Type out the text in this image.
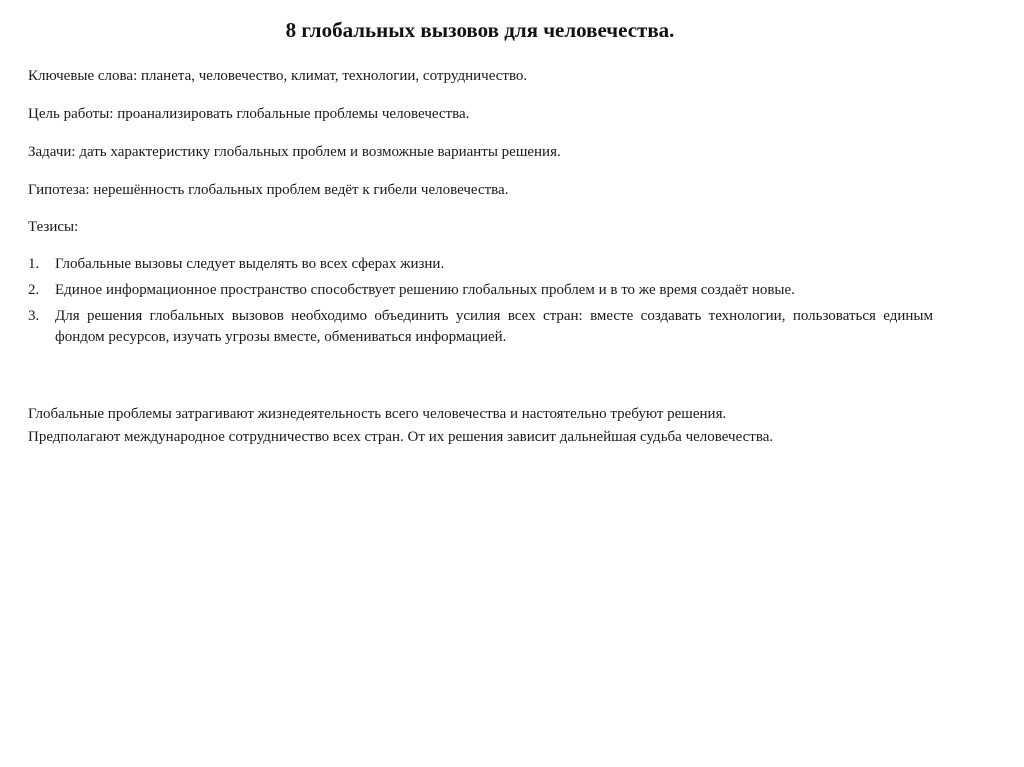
8 глобальных вызовов для человечества.
Ключевые слова: планета, человечество, климат, технологии, сотрудничество.
Цель работы: проанализировать глобальные проблемы человечества.
Задачи: дать характеристику глобальных проблем и возможные варианты решения.
Гипотеза: нерешённость глобальных проблем ведёт к гибели человечества.
Тезисы:
1. Глобальные вызовы следует выделять во всех сферах жизни.
2. Единое информационное пространство способствует решению глобальных проблем и в то же время создаёт новые.
3. Для решения глобальных вызовов необходимо объединить усилия всех стран: вместе создавать технологии, пользоваться единым фондом ресурсов, изучать угрозы вместе, обмениваться информацией.
Глобальные проблемы затрагивают жизнедеятельность всего человечества и настоятельно требуют решения.
Предполагают международное сотрудничество всех стран. От их решения зависит дальнейшая судьба человечества.
